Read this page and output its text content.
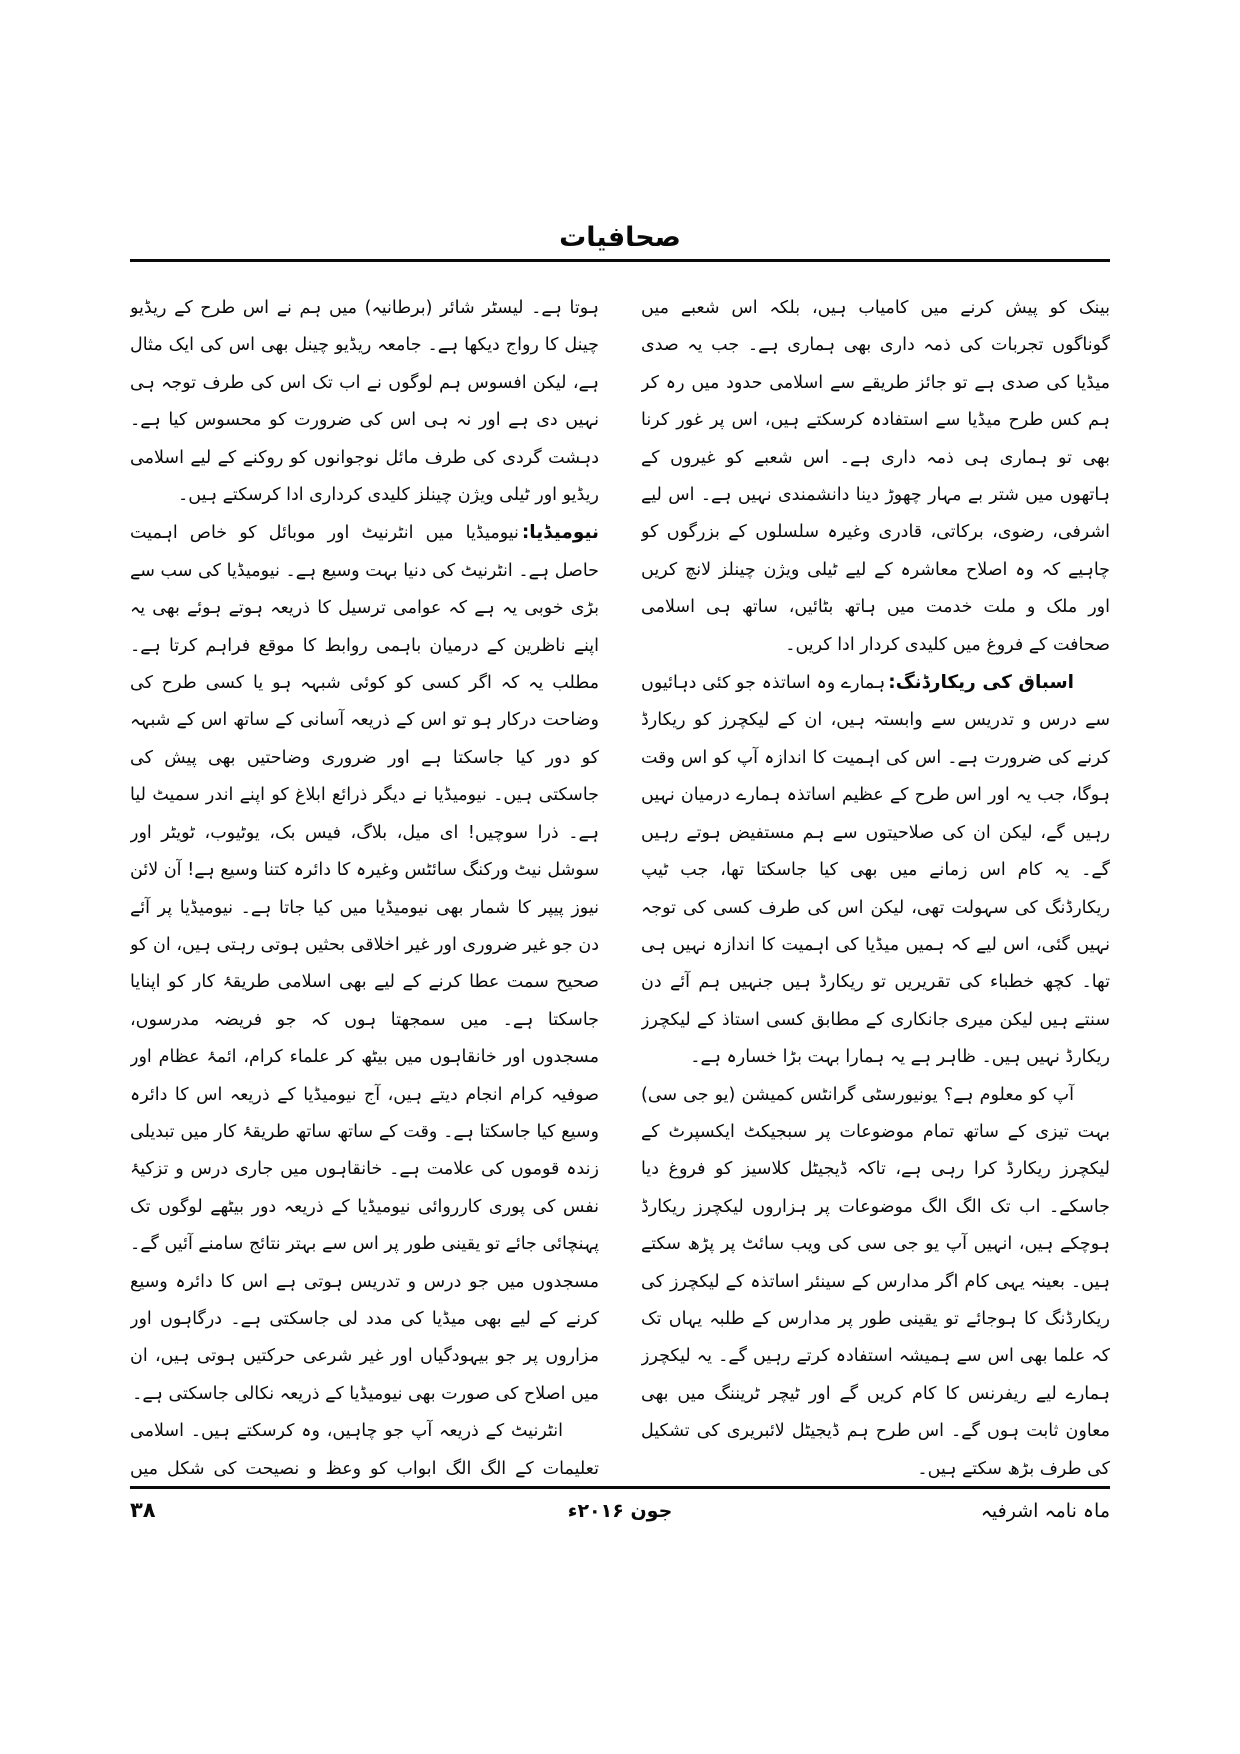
صحافیات

بینک کو پیش کرنے میں کامیاب ہیں، بلکہ اس شعبے میں گوناگوں تجربات کی ذمہ داری بھی ہماری ہے۔ جب یہ صدی میڈیا کی صدی ہے تو جائز طریقے سے اسلامی حدود میں رہ کر ہم کس طرح میڈیا سے استفادہ کرسکتے ہیں، اس پر غور کرنا بھی تو ہماری ہی ذمہ داری ہے۔ اس شعبے کو غیروں کے ہاتھوں میں شتر بے مہار چھوڑ دینا دانشمندی نہیں ہے۔ اس لیے اشرفی، رضوی، برکاتی، قادری وغیرہ سلسلوں کے بزرگوں کو چاہیے کہ وہ اصلاح معاشرہ کے لیے ٹیلی ویژن چینلز لانچ کریں اور ملک و ملت خدمت میں ہاتھ بٹائیں، ساتھ ہی اسلامی صحافت کے فروغ میں کلیدی کردار ادا کریں۔

اسباق کی ریکارڈنگ:ہمارے وہ اساتذہ جو کئی دہائیوں سے درس و تدریس سے وابستہ ہیں، ان کے لیکچرز کو ریکارڈ کرنے کی ضرورت ہے۔ اس کی اہمیت کا اندازہ آپ کو اس وقت ہوگا، جب یہ اور اس طرح کے عظیم اساتذہ ہمارے درمیان نہیں رہیں گے، لیکن ان کی صلاحیتوں سے ہم مستفیض ہوتے رہیں گے۔ یہ کام اس زمانے میں بھی کیا جاسکتا تھا، جب ٹیپ ریکارڈنگ کی سہولت تھی، لیکن اس کی طرف کسی کی توجہ نہیں گئی، اس لیے کہ ہمیں میڈیا کی اہمیت کا اندازہ نہیں ہی تھا۔ کچھ خطباء کی تقریریں تو ریکارڈ ہیں جنہیں ہم آئے دن سنتے ہیں لیکن میری جانکاری کے مطابق کسی استاذ کے لیکچرز ریکارڈ نہیں ہیں۔ ظاہر ہے یہ ہمارا بہت بڑا خسارہ ہے۔

آپ کو معلوم ہے؟ یونیورسٹی گرانٹس کمیشن (یو جی سی) بہت تیزی کے ساتھ تمام موضوعات پر سبجیکٹ ایکسپرٹ کے لیکچرز ریکارڈ کرا رہی ہے، تاکہ ڈیجیٹل کلاسیز کو فروغ دیا جاسکے۔ اب تک الگ الگ موضوعات پر ہزاروں لیکچرز ریکارڈ ہوچکے ہیں، انہیں آپ یو جی سی کی ویب سائٹ پر پڑھ سکتے ہیں۔ بعینہ یہی کام اگر مدارس کے سینئر اساتذہ کے لیکچرز کی ریکارڈنگ کا ہوجائے تو یقینی طور پر مدارس کے طلبہ یہاں تک کہ علما بھی اس سے ہمیشہ استفادہ کرتے رہیں گے۔ یہ لیکچرز ہمارے لیے ریفرنس کا کام کریں گے اور ٹیچر ٹریننگ میں بھی معاون ثابت ہوں گے۔ اس طرح ہم ڈیجیٹل لائبریری کی تشکیل کی طرف بڑھ سکتے ہیں۔

ہوتا ہے۔ لیسٹر شائر (برطانیہ) میں ہم نے اس طرح کے ریڈیو چینل کا رواج دیکھا ہے۔ جامعہ ریڈیو چینل بھی اس کی ایک مثال ہے، لیکن افسوس ہم لوگوں نے اب تک اس کی طرف توجہ ہی نہیں دی ہے اور نہ ہی اس کی ضرورت کو محسوس کیا ہے۔ دہشت گردی کی طرف مائل نوجوانوں کو روکنے کے لیے اسلامی ریڈیو اور ٹیلی ویژن چینلز کلیدی کرداری ادا کرسکتے ہیں۔

نیومیڈیا:نیومیڈیا میں انٹرنیٹ اور موبائل کو خاص اہمیت حاصل ہے۔ انٹرنیٹ کی دنیا بہت وسیع ہے۔ نیومیڈیا کی سب سے بڑی خوبی یہ ہے کہ عوامی ترسیل کا ذریعہ ہوتے ہوئے بھی یہ اپنے ناظرین کے درمیان باہمی روابط کا موقع فراہم کرتا ہے۔ مطلب یہ کہ اگر کسی کو کوئی شبہہ ہو یا کسی طرح کی وضاحت درکار ہو تو اس کے ذریعہ آسانی کے ساتھ اس کے شبہہ کو دور کیا جاسکتا ہے اور ضروری وضاحتیں بھی پیش کی جاسکتی ہیں۔ نیومیڈیا نے دیگر ذرائع ابلاغ کو اپنے اندر سمیٹ لیا ہے۔ ذرا سوچیں! ای میل، بلاگ، فیس بک، یوٹیوب، ٹویٹر اور سوشل نیٹ ورکنگ سائٹس وغیرہ کا دائرہ کتنا وسیع ہے! آن لائن نیوز پیپر کا شمار بھی نیومیڈیا میں کیا جاتا ہے۔ نیومیڈیا پر آئے دن جو غیر ضروری اور غیر اخلاقی بحثیں ہوتی رہتی ہیں، ان کو صحیح سمت عطا کرنے کے لیے بھی اسلامی طریقۂ کار کو اپنایا جاسکتا ہے۔ میں سمجھتا ہوں کہ جو فریضہ مدرسوں، مسجدوں اور خانقاہوں میں بیٹھ کر علماء کرام، ائمۂ عظام اور صوفیہ کرام انجام دیتے ہیں، آج نیومیڈیا کے ذریعہ اس کا دائرہ وسیع کیا جاسکتا ہے۔ وقت کے ساتھ ساتھ طریقۂ کار میں تبدیلی زندہ قوموں کی علامت ہے۔ خانقاہوں میں جاری درس و تزکیۂ نفس کی پوری کارروائی نیومیڈیا کے ذریعہ دور بیٹھے لوگوں تک پہنچائی جائے تو یقینی طور پر اس سے بہتر نتائج سامنے آئیں گے۔ مسجدوں میں جو درس و تدریس ہوتی ہے اس کا دائرہ وسیع کرنے کے لیے بھی میڈیا کی مدد لی جاسکتی ہے۔ درگاہوں اور مزاروں پر جو بیہودگیاں اور غیر شرعی حرکتیں ہوتی ہیں، ان میں اصلاح کی صورت بھی نیومیڈیا کے ذریعہ نکالی جاسکتی ہے۔

انٹرنیٹ کے ذریعہ آپ جو چاہیں، وہ کرسکتے ہیں۔ اسلامی تعلیمات کے الگ الگ ابواب کو وعظ و نصیحت کی شکل میں

ماہ نامہ اشرفیہ
جون ۲۰۱۶ء
۳۸
